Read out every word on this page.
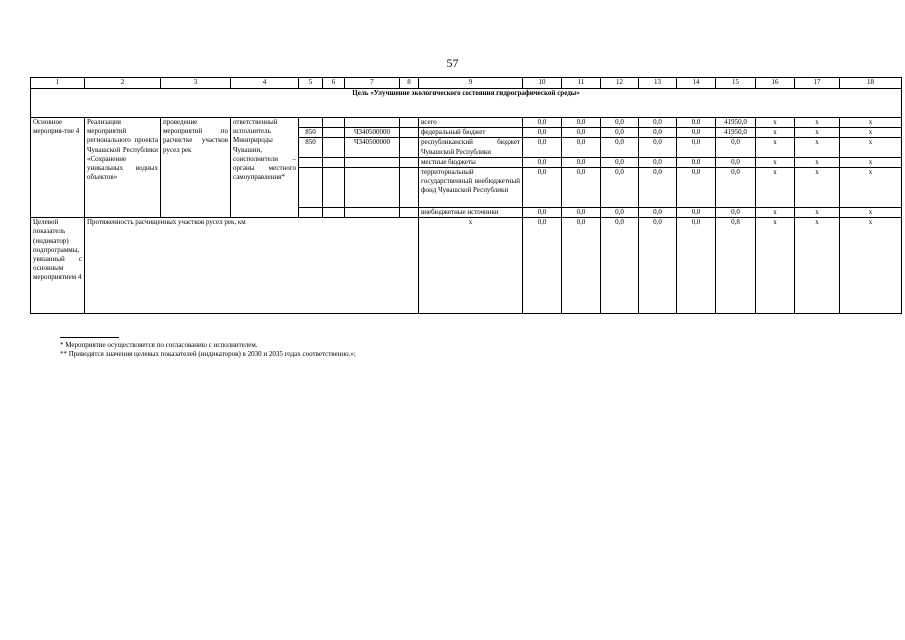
57
1	2	3	4	5	6	7	8	9	10	11	12	13	14	15	16	17	18
Цель «Улучшение экологического состояния гидрографической среды»																	
Основное мероприя-тие 4	Реализация мероприятий регионального проекта Чувашской Республики «Сохранение уникальных водных объектов»	проведение мероприятий по расчистке участков русел рек	ответственный исполнитель Минприроды Чувашии, соисполнители – органы местного самоуправления*					всего	0,0	0,0	0,0	0,0	0,0	41950,0	x	x	x
				850		Ч340500000		федеральный бюджет	0,0	0,0	0,0	0,0	0,0	41950,0	x	x	x
				850		Ч340500000		республиканский бюджет Чувашской Республики	0,0	0,0	0,0	0,0	0,0	0,0	x	x	x
								местные бюджеты	0,0	0,0	0,0	0,0	0,0	0,0	x	x	x
								территориальный государственный внебюджетный фонд Чувашской Республики	0,0	0,0	0,0	0,0	0,0	0,0	x	x	x
								внебюджетные источники	0,0	0,0	0,0	0,0	0,0	0,0	x	x	x
Целевой показатель (индикатор) подпрограммы, увязанный с основным мероприятием 4	Протяженность расчищенных участков русел рек, км							x	0,0	0,0	0,0	0,0	0,0	0,8	x	x	x
* Мероприятие осуществляется по согласованию с исполнителем.
** Приводятся значения целевых показателей (индикаторов) в 2030 и 2035 годах соответственно.»;
